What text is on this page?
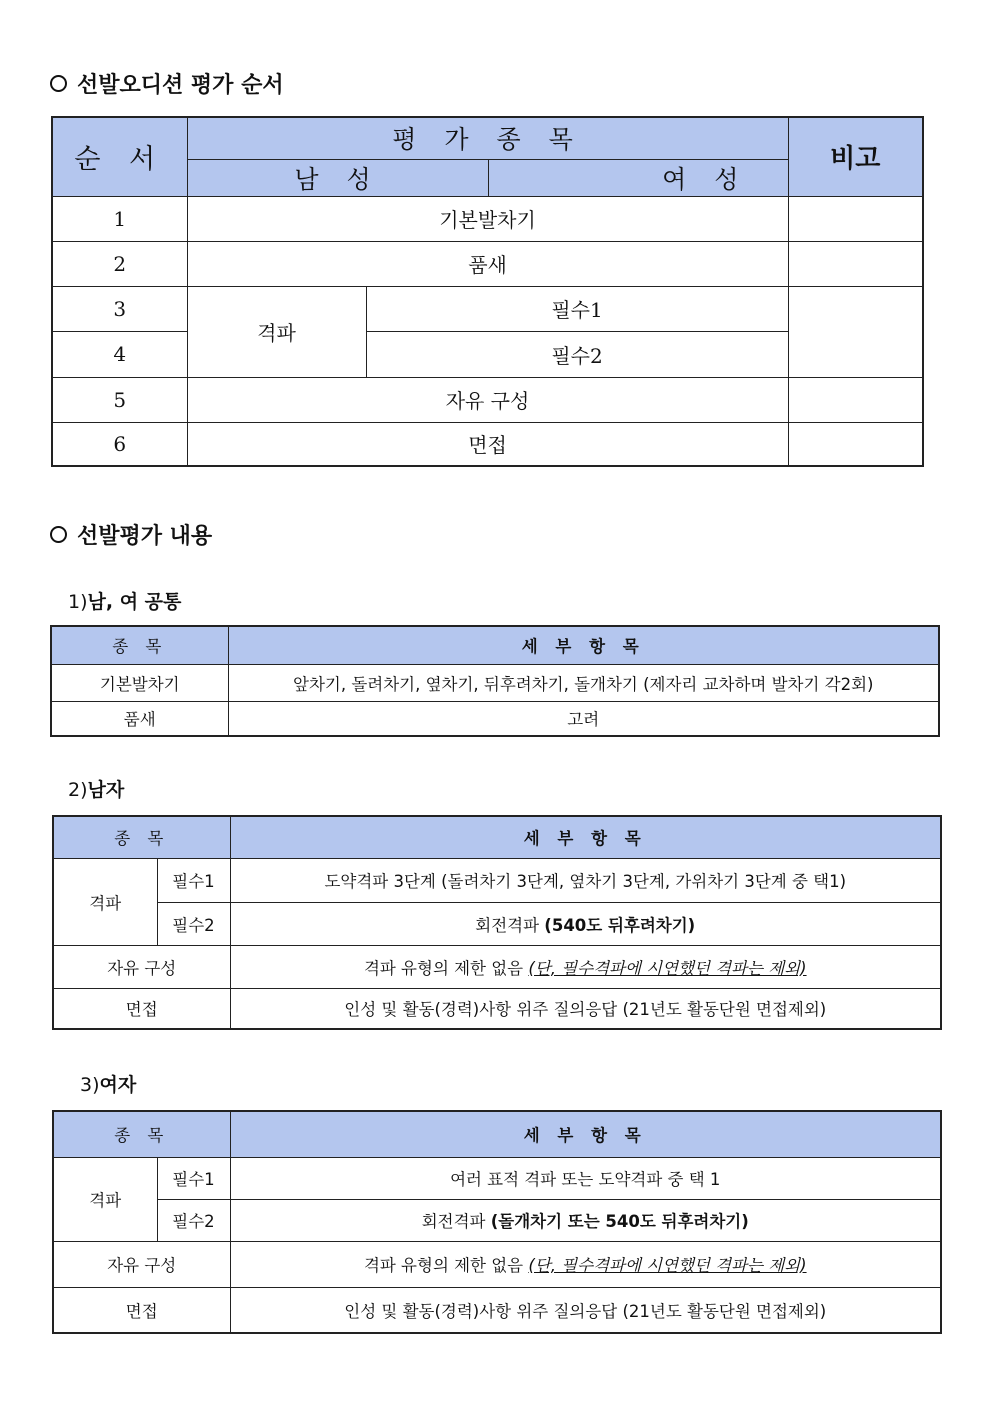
선발오디션 평가 순서
순 서	평 가 종 목			비고
	남 성		여 성	
1	기본발차기			
2	품새			
3	격파	필수1		
4		필수2		
5	자유 구성			
6	면접			
선발평가 내용
1)남, 여 공통
종 목	세 부 항 목
기본발차기	앞차기, 돌려차기, 옆차기, 뒤후려차기, 돌개차기 (제자리 교차하며 발차기 각2회)
품새	고려
2)남자
종 목		세 부 항 목
격파	필수1	도약격파 3단계 (돌려차기 3단계, 옆차기 3단계, 가위차기 3단계 중 택1)
	필수2	회전격파 (540도 뒤후려차기)
자유 구성		격파 유형의 제한 없음 (단, 필수격파에 시연했던 격파는 제외)
면접		인성 및 활동(경력)사항 위주 질의응답 (21년도 활동단원 면접제외)
3)여자
종 목		세 부 항 목
격파	필수1	여러 표적 격파 또는 도약격파 중 택 1
	필수2	회전격파 (돌개차기 또는 540도 뒤후려차기)
자유 구성		격파 유형의 제한 없음 (단, 필수격파에 시연했던 격파는 제외)
면접		인성 및 활동(경력)사항 위주 질의응답 (21년도 활동단원 면접제외)
